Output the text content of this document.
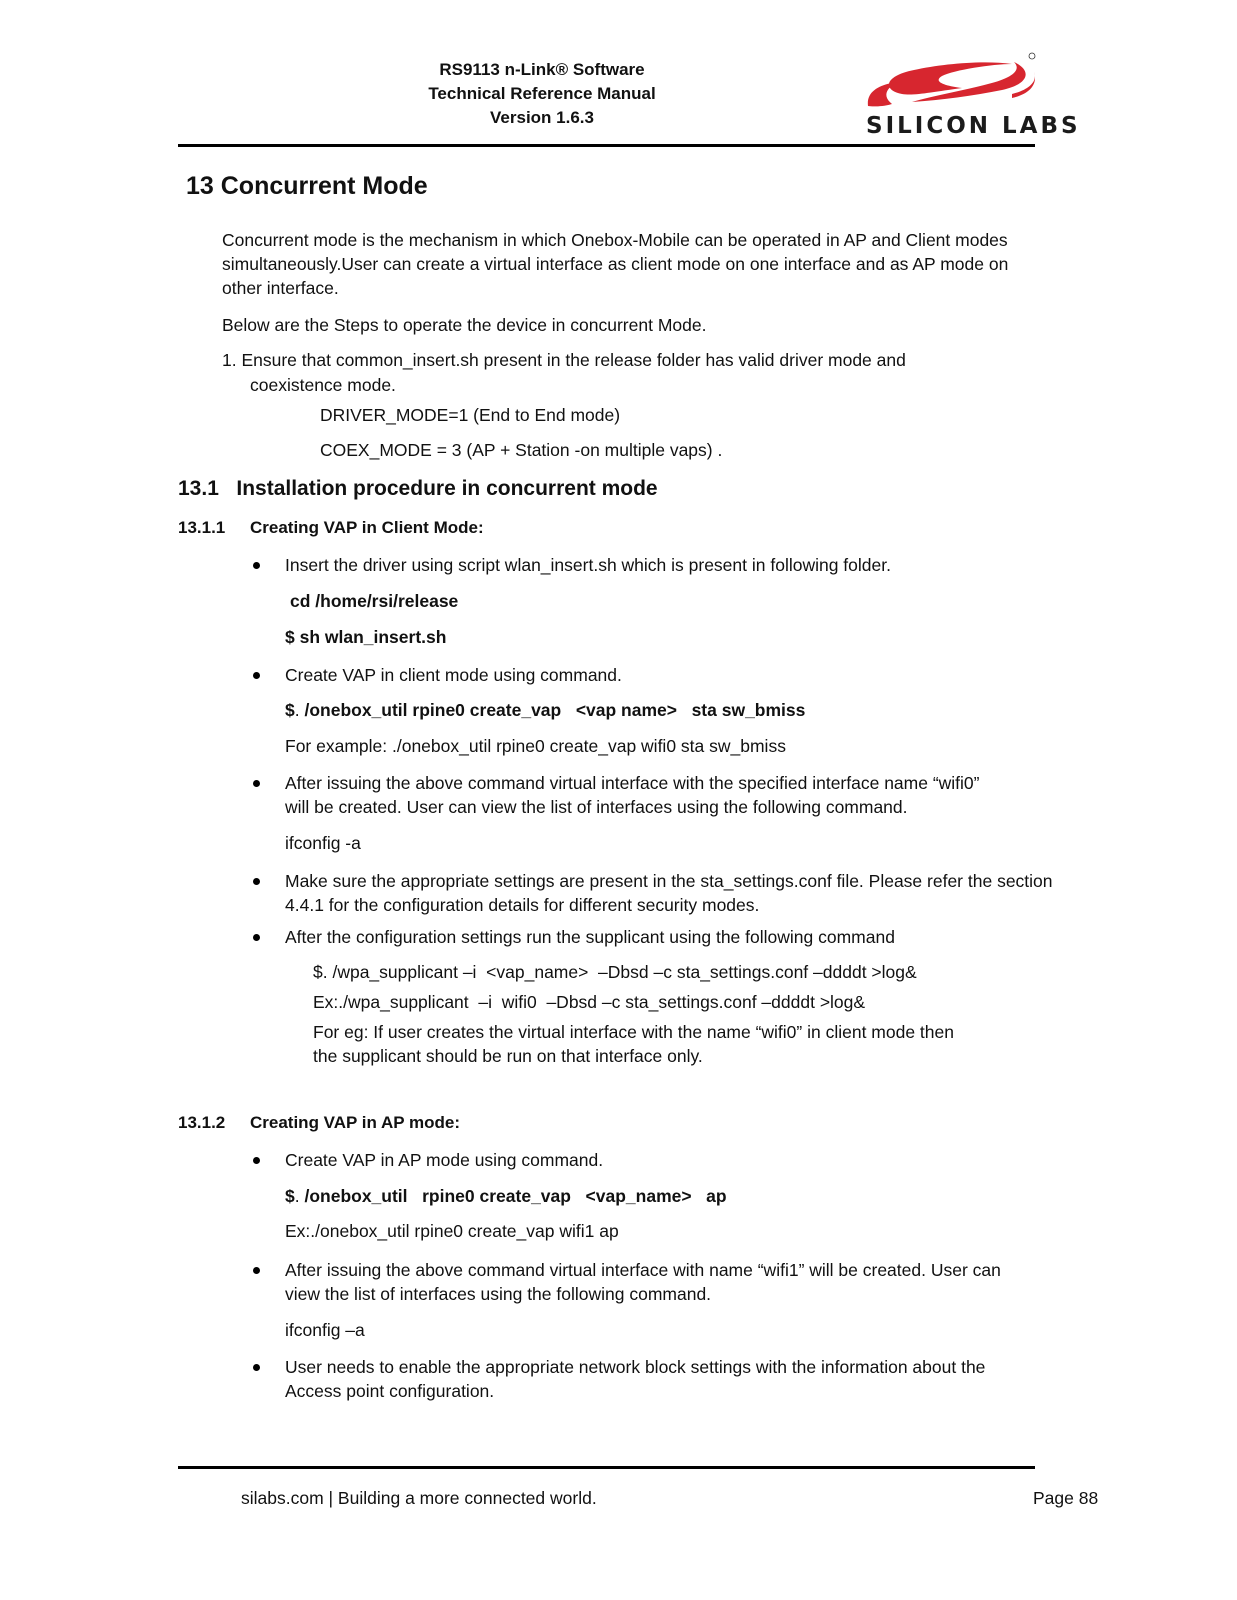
RS9113 n-Link® Software
Technical Reference Manual
Version 1.6.3	SILICON LABS
13 Concurrent Mode
Concurrent mode is the mechanism in which Onebox-Mobile can be operated in AP and Client modes
simultaneously.User can create a virtual interface as client mode on one interface and as AP mode on
other interface.
Below are the Steps to operate the device in concurrent Mode.
1. Ensure that common_insert.sh present in the release folder has valid driver mode and
coexistence mode.
DRIVER_MODE=1 (End to End mode)
COEX_MODE = 3 (AP + Station -on multiple vaps) .
13.1   Installation procedure in concurrent mode
13.1.1 Creating VAP in Client Mode:
Insert the driver using script wlan_insert.sh which is present in following folder.
cd /home/rsi/release
$ sh wlan_insert.sh
Create VAP in client mode using command.
$. /onebox_util rpine0 create_vap   <vap name>   sta sw_bmiss
For example: ./onebox_util rpine0 create_vap wifi0 sta sw_bmiss
After issuing the above command virtual interface with the specified interface name “wifi0”
will be created. User can view the list of interfaces using the following command.
ifconfig -a
Make sure the appropriate settings are present in the sta_settings.conf file. Please refer the section
4.4.1 for the configuration details for different security modes.
After the configuration settings run the supplicant using the following command
$. /wpa_supplicant –i  <vap_name>  –Dbsd –c sta_settings.conf –ddddt >log&
Ex:./wpa_supplicant  –i  wifi0  –Dbsd –c sta_settings.conf –ddddt >log&
For eg: If user creates the virtual interface with the name “wifi0” in client mode then
the supplicant should be run on that interface only.
13.1.2 Creating VAP in AP mode:
Create VAP in AP mode using command.
$. /onebox_util   rpine0 create_vap   <vap_name>   ap
Ex:./onebox_util rpine0 create_vap wifi1 ap
After issuing the above command virtual interface with name “wifi1” will be created. User can
view the list of interfaces using the following command.
ifconfig –a
User needs to enable the appropriate network block settings with the information about the
Access point configuration.
silabs.com | Building a more connected world.	Page 88
